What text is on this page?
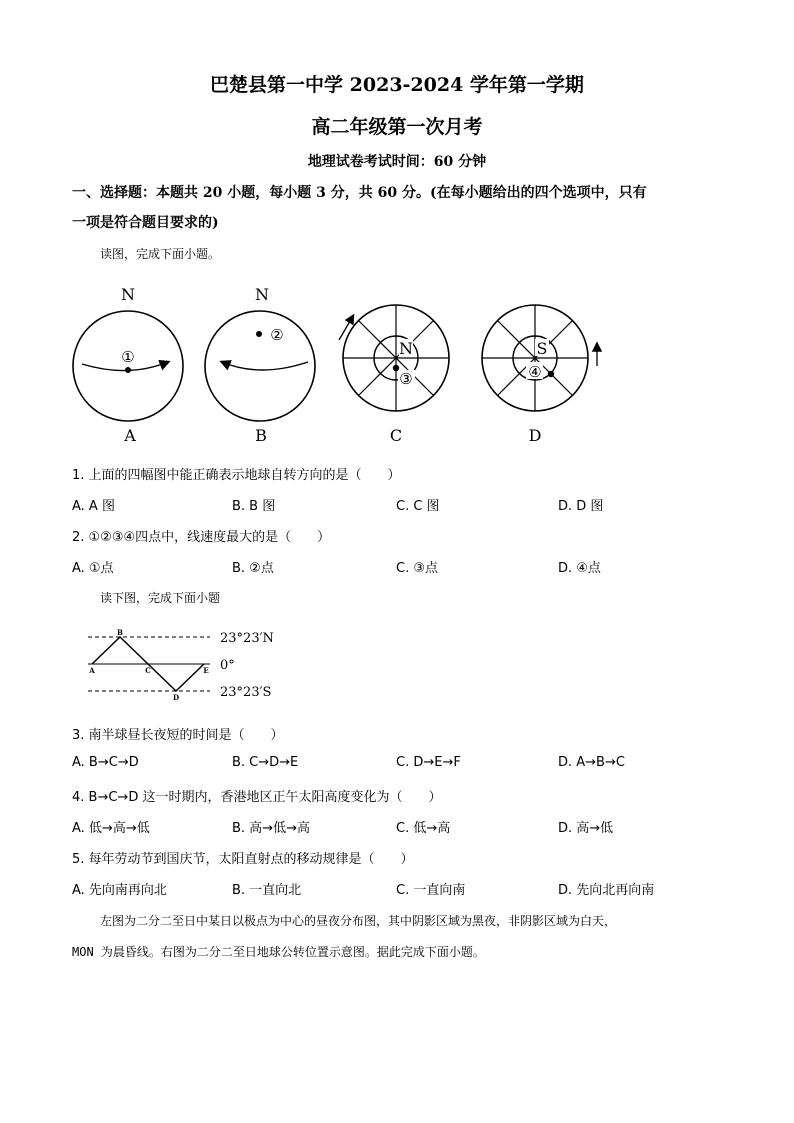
巴楚县第一中学 2023-2024 学年第一学期
高二年级第一次月考
地理试卷考试时间：60 分钟
一、选择题：本题共 20 小题，每小题 3 分，共 60 分。(在每小题给出的四个选项中，只有
一项是符合题目要求的)
读图，完成下面小题。
N
①
A
N
②
B
N
③
C
S
④
D
1. 上面的四幅图中能正确表示地球自转方向的是（　　）
A. A 图	B. B 图	C. C 图	D. D 图
2. ①②③④四点中，线速度最大的是（　　）
A. ①点	B. ②点	C. ③点	D. ④点
读下图，完成下面小题
B
A	C
D
E
23°23′N
0°
23°23′S
3. 南半球昼长夜短的时间是（　　）
A. B→C→D	B. C→D→E	C. D→E→F	D. A→B→C
4. B→C→D 这一时期内，香港地区正午太阳高度变化为（　　）
A. 低→高→低	B. 高→低→高	C. 低→高	D. 高→低
5. 每年劳动节到国庆节，太阳直射点的移动规律是（　　）
A. 先向南再向北	B. 一直向北	C. 一直向南	D. 先向北再向南
左图为二分二至日中某日以极点为中心的昼夜分布图，其中阴影区域为黑夜，非阴影区域为白天，
MON 为晨昏线。右图为二分二至日地球公转位置示意图。据此完成下面小题。
